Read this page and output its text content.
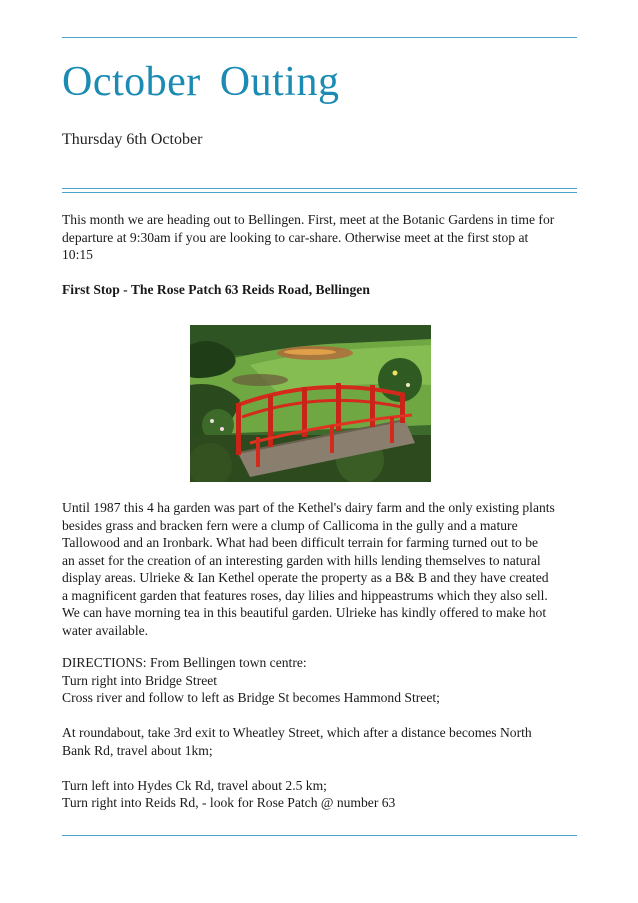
October Outing
Thursday 6th October

This month we are heading out to Bellingen. First, meet at the Botanic Gardens in time for
departure at 9:30am if you are looking to car-share. Otherwise meet at the first stop at
10:15

First Stop - The Rose Patch 63 Reids Road, Bellingen

Until 1987 this 4 ha garden was part of the Kethel's dairy farm and the only existing plants
besides grass and bracken fern were a clump of Callicoma in the gully and a mature
Tallowood and an Ironbark. What had been difficult terrain for farming turned out to be
an asset for the creation of an interesting garden with hills lending themselves to natural
display areas. Ulrieke & Ian Kethel operate the property as a B& B and they have created
a magnificent garden that features roses, day lilies and hippeastrums which they also sell.
We can have morning tea in this beautiful garden. Ulrieke has kindly offered to make hot
water available.

DIRECTIONS: From Bellingen town centre:
Turn right into Bridge Street
Cross river and follow to left as Bridge St becomes Hammond Street;

At roundabout, take 3rd exit to Wheatley Street, which after a distance becomes North
Bank Rd, travel about 1km;

Turn left into Hydes Ck Rd, travel about 2.5 km;
Turn right into Reids Rd, - look for Rose Patch @ number 63
